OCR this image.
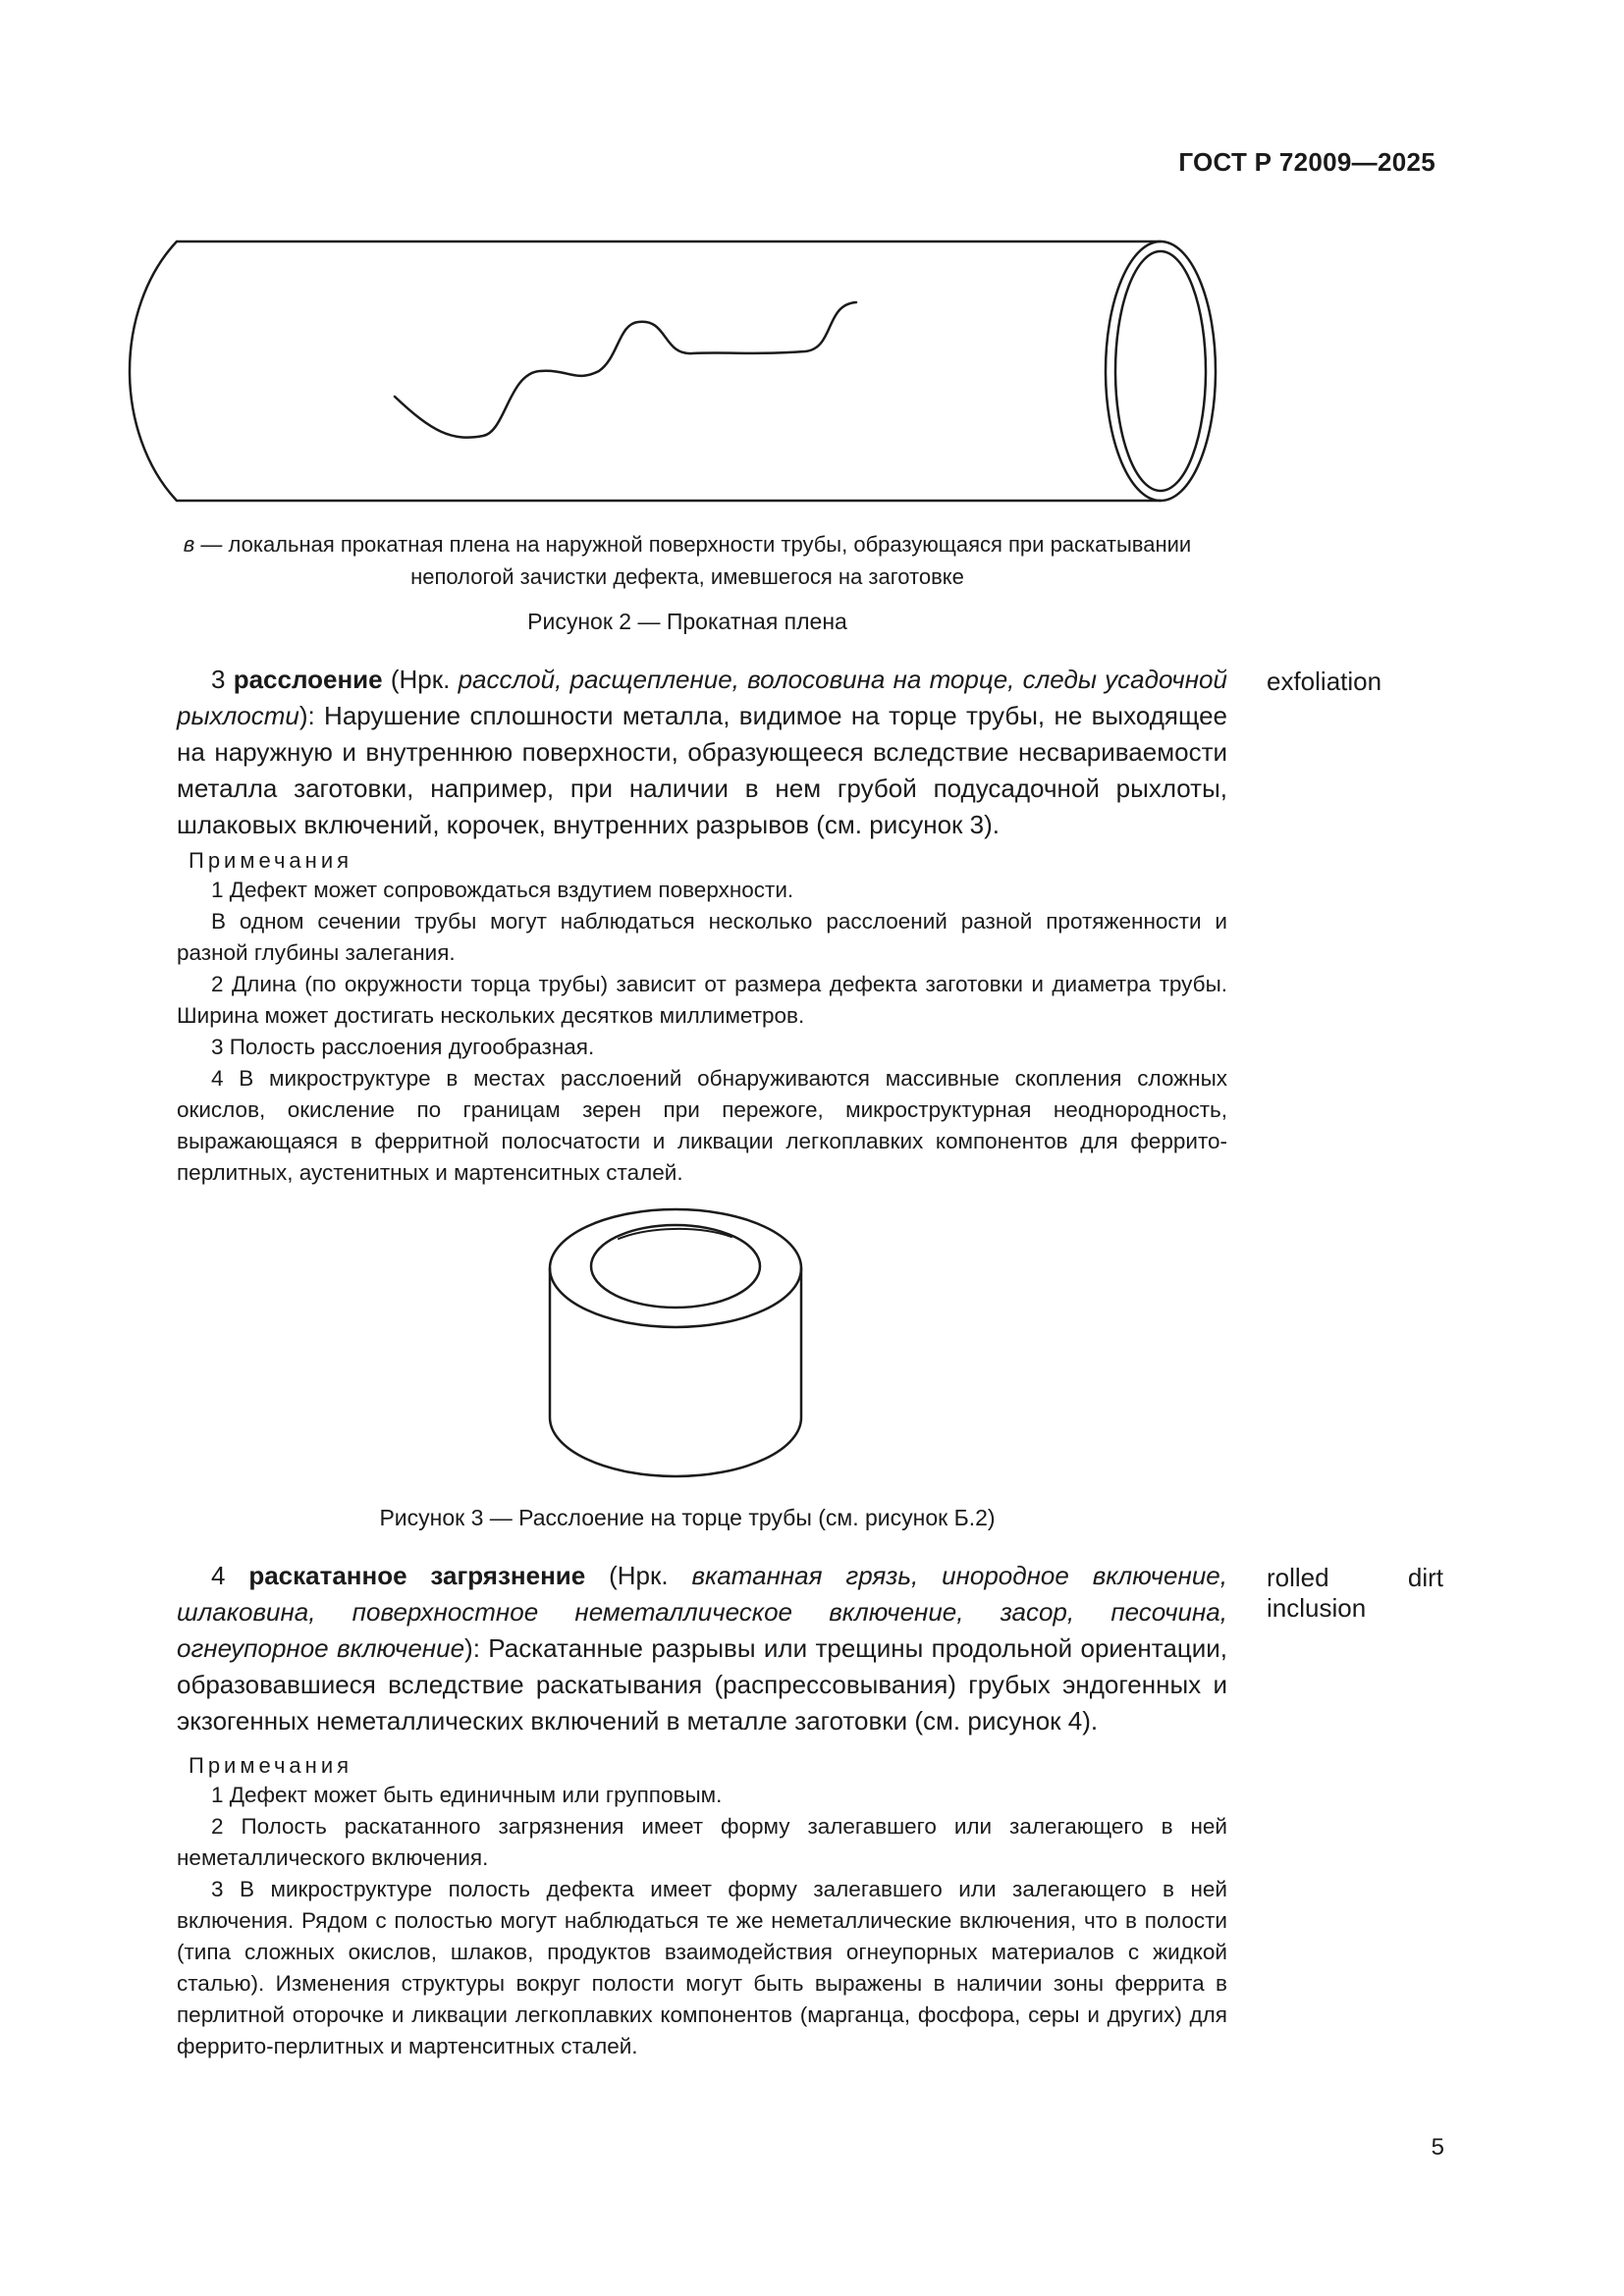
ГОСТ Р 72009—2025
в — локальная прокатная плена на наружной поверхности трубы, образующаяся при раскатывании непологой зачистки дефекта, имевшегося на заготовке
Рисунок 2 — Прокатная плена
3 расслоение (Нрк. расслой, расщепление, волосовина на торце, следы усадочной рыхлости): Нарушение сплошности металла, видимое на торце трубы, не выходящее на наружную и внутреннюю поверхности, образующееся вследствие несвариваемости металла заготовки, например, при наличии в нем грубой подусадочной рыхлоты, шлаковых включений, корочек, внутренних разрывов (см. рисунок 3).
exfoliation
Примечания

1 Дефект может сопровождаться вздутием поверхности.

В одном сечении трубы могут наблюдаться несколько расслоений разной протяженности и разной глубины залегания.

2 Длина (по окружности торца трубы) зависит от размера дефекта заготовки и диаметра трубы. Ширина может достигать нескольких десятков миллиметров.

3 Полость расслоения дугообразная.

4 В микроструктуре в местах расслоений обнаруживаются массивные скопления сложных окислов, окисление по границам зерен при пережоге, микроструктурная неоднородность, выражающаяся в ферритной полосчатости и ликвации легкоплавких компонентов для феррито-перлитных, аустенитных и мартенситных сталей.

Рисунок 3 — Расслоение на торце трубы (см. рисунок Б.2)
4 раскатанное загрязнение (Нрк. вкатанная грязь, инородное включение, шлаковина, поверхностное неметаллическое включение, засор, песочина, огнеупорное включение): Раскатанные разрывы или трещины продольной ориентации, образовавшиеся вследствие раскатывания (распрессовывания) грубых эндогенных и экзогенных неметаллических включений в металле заготовки (см. рисунок 4).
rolled dirt inclusion
Примечания

1 Дефект может быть единичным или групповым.

2 Полость раскатанного загрязнения имеет форму залегавшего или залегающего в ней неметаллического включения.

3 В микроструктуре полость дефекта имеет форму залегавшего или залегающего в ней включения. Рядом с полостью могут наблюдаться те же неметаллические включения, что в полости (типа сложных окислов, шлаков, продуктов взаимодействия огнеупорных материалов с жидкой сталью). Изменения структуры вокруг полости могут быть выражены в наличии зоны феррита в перлитной оторочке и ликвации легкоплавких компонентов (марганца, фосфора, серы и других) для феррито-перлитных и мартенситных сталей.

5
